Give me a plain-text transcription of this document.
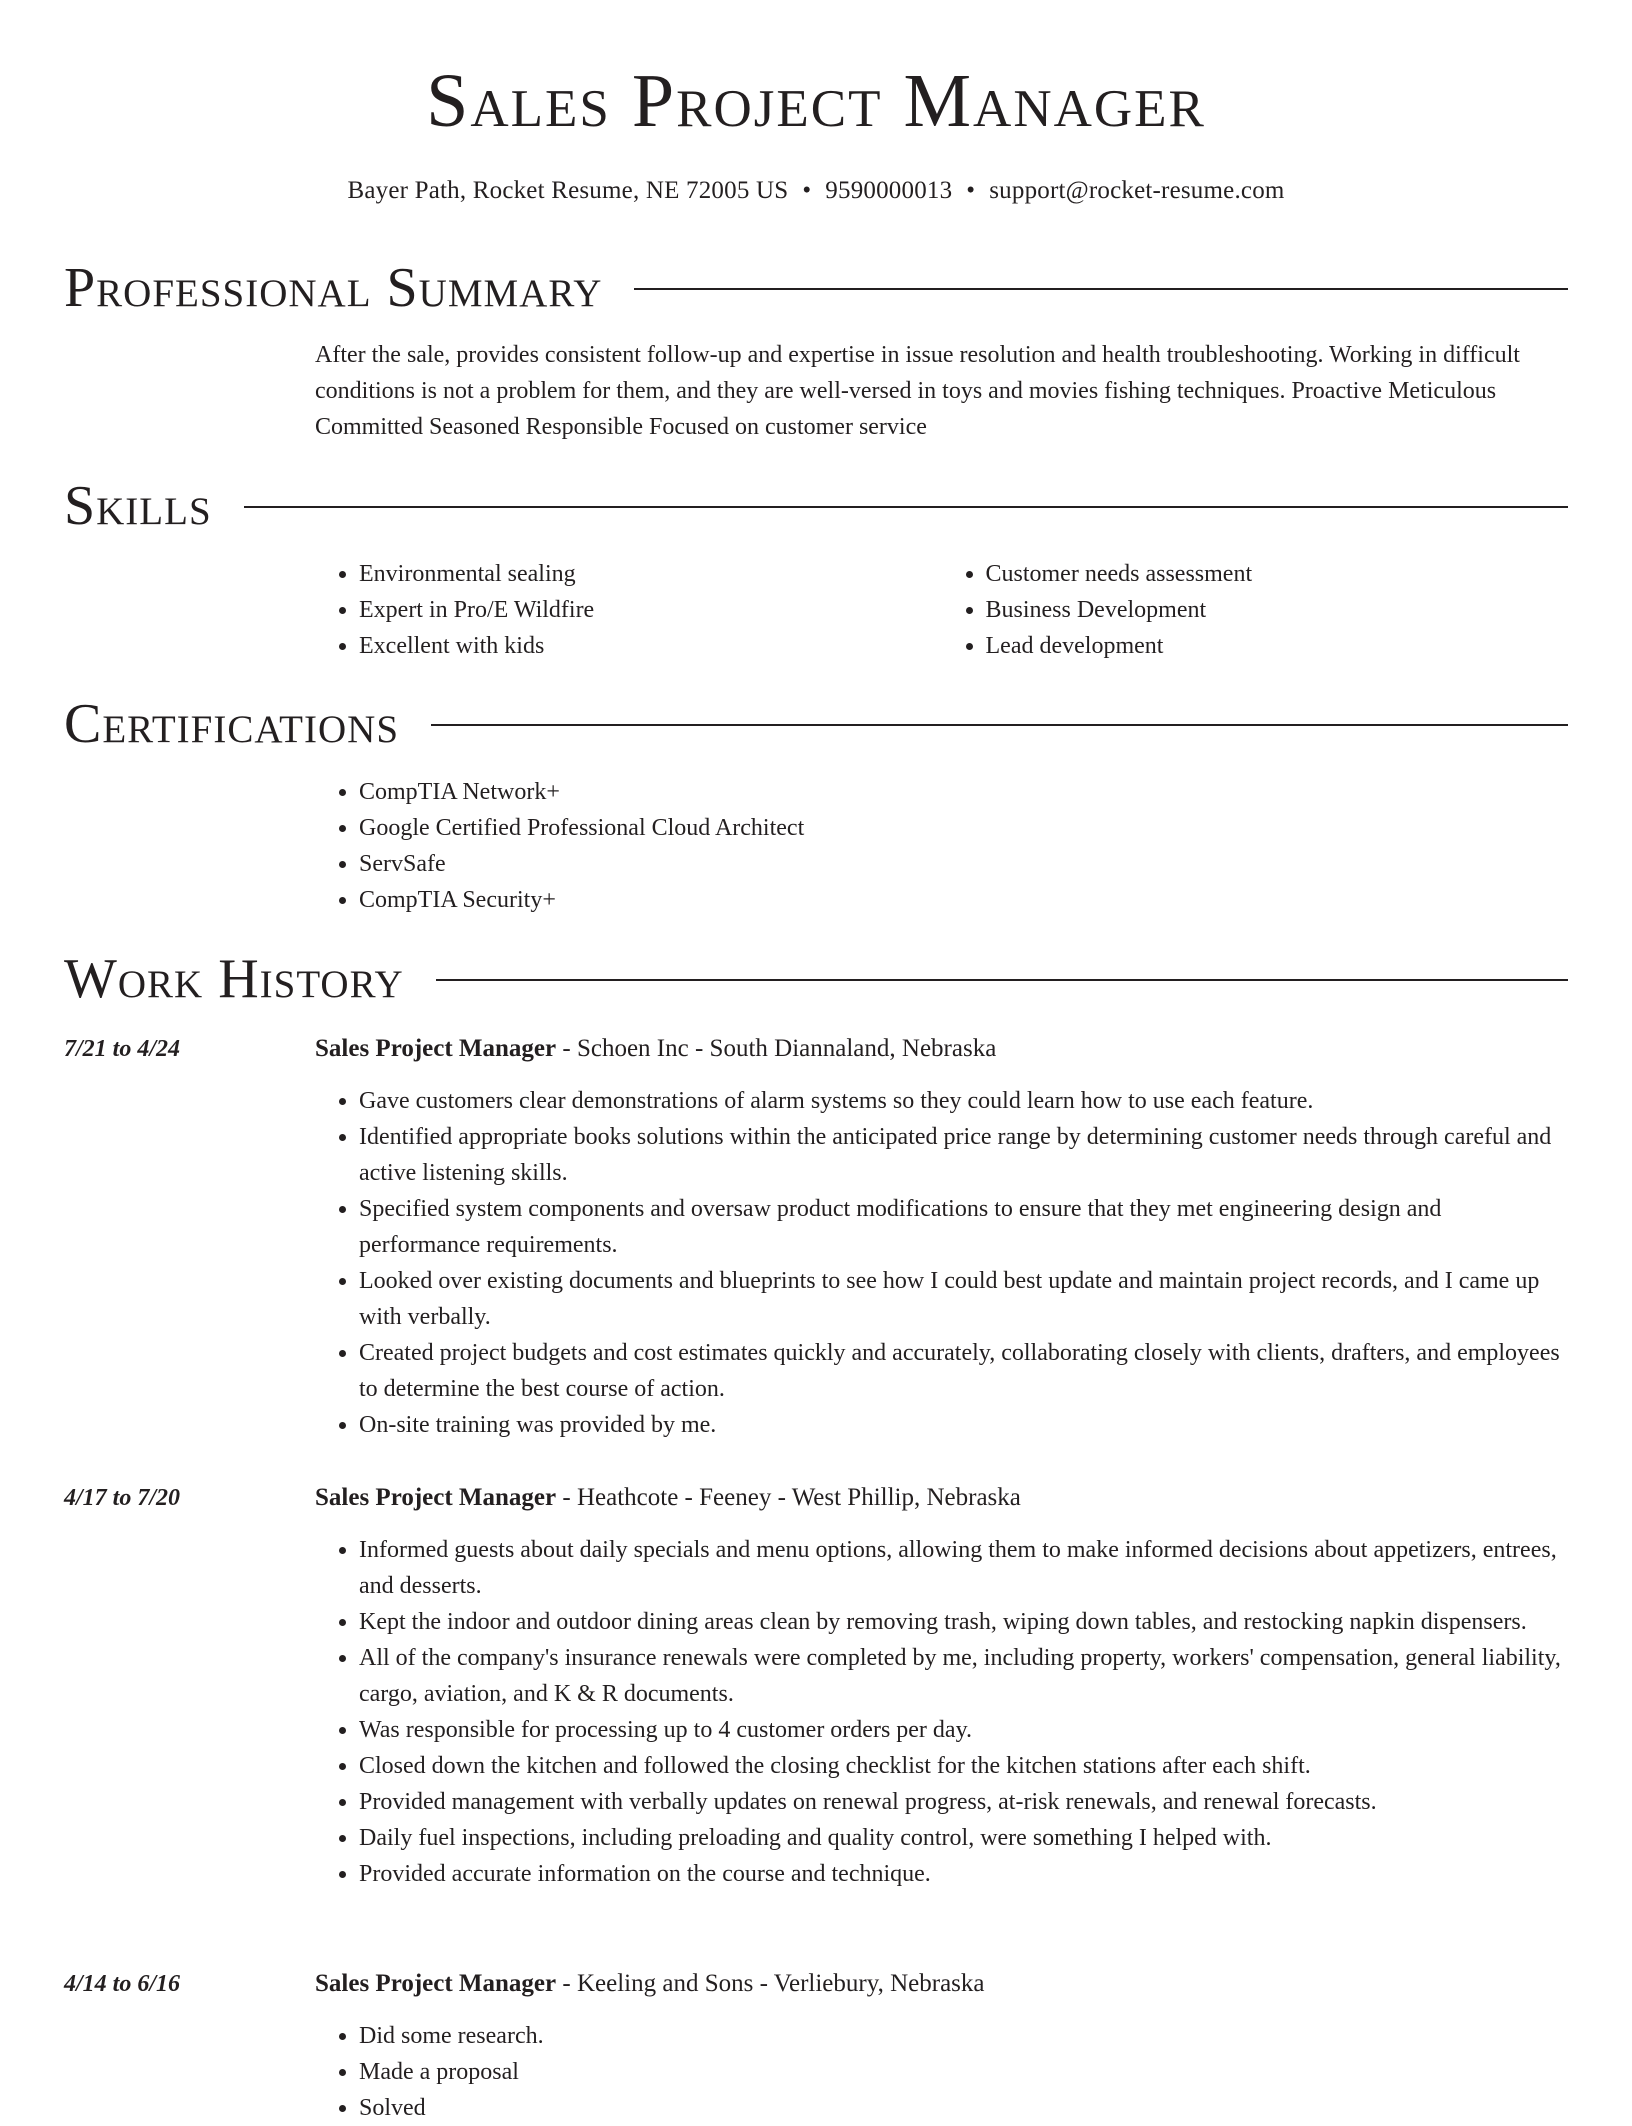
Sales Project Manager
Bayer Path, Rocket Resume, NE 72005 US • 9590000013 • support@rocket-resume.com
Professional Summary

After the sale, provides consistent follow-up and expertise in issue resolution and health troubleshooting. Working in difficult conditions is not a problem for them, and they are well-versed in toys and movies fishing techniques. Proactive Meticulous Committed Seasoned Responsible Focused on customer service

Skills
• Environmental sealing
• Expert in Pro/E Wildfire
• Excellent with kids
• Customer needs assessment
• Business Development
• Lead development
Certifications
• CompTIA Network+
• Google Certified Professional Cloud Architect
• ServSafe
• CompTIA Security+
Work History
7/21 to 4/24	Sales Project Manager - Schoen Inc - South Diannaland, Nebraska
• Gave customers clear demonstrations of alarm systems so they could learn how to use each feature.
• Identified appropriate books solutions within the anticipated price range by determining customer needs through careful and active listening skills.
• Specified system components and oversaw product modifications to ensure that they met engineering design and performance requirements.
• Looked over existing documents and blueprints to see how I could best update and maintain project records, and I came up with verbally.
• Created project budgets and cost estimates quickly and accurately, collaborating closely with clients, drafters, and employees to determine the best course of action.
• On-site training was provided by me.
4/17 to 7/20	Sales Project Manager - Heathcote - Feeney - West Phillip, Nebraska
• Informed guests about daily specials and menu options, allowing them to make informed decisions about appetizers, entrees, and desserts.
• Kept the indoor and outdoor dining areas clean by removing trash, wiping down tables, and restocking napkin dispensers.
• All of the company's insurance renewals were completed by me, including property, workers' compensation, general liability, cargo, aviation, and K & R documents.
• Was responsible for processing up to 4 customer orders per day.
• Closed down the kitchen and followed the closing checklist for the kitchen stations after each shift.
• Provided management with verbally updates on renewal progress, at-risk renewals, and renewal forecasts.
• Daily fuel inspections, including preloading and quality control, were something I helped with.
• Provided accurate information on the course and technique.
4/14 to 6/16	Sales Project Manager - Keeling and Sons - Verliebury, Nebraska
• Did some research.
• Made a proposal
• Solved
